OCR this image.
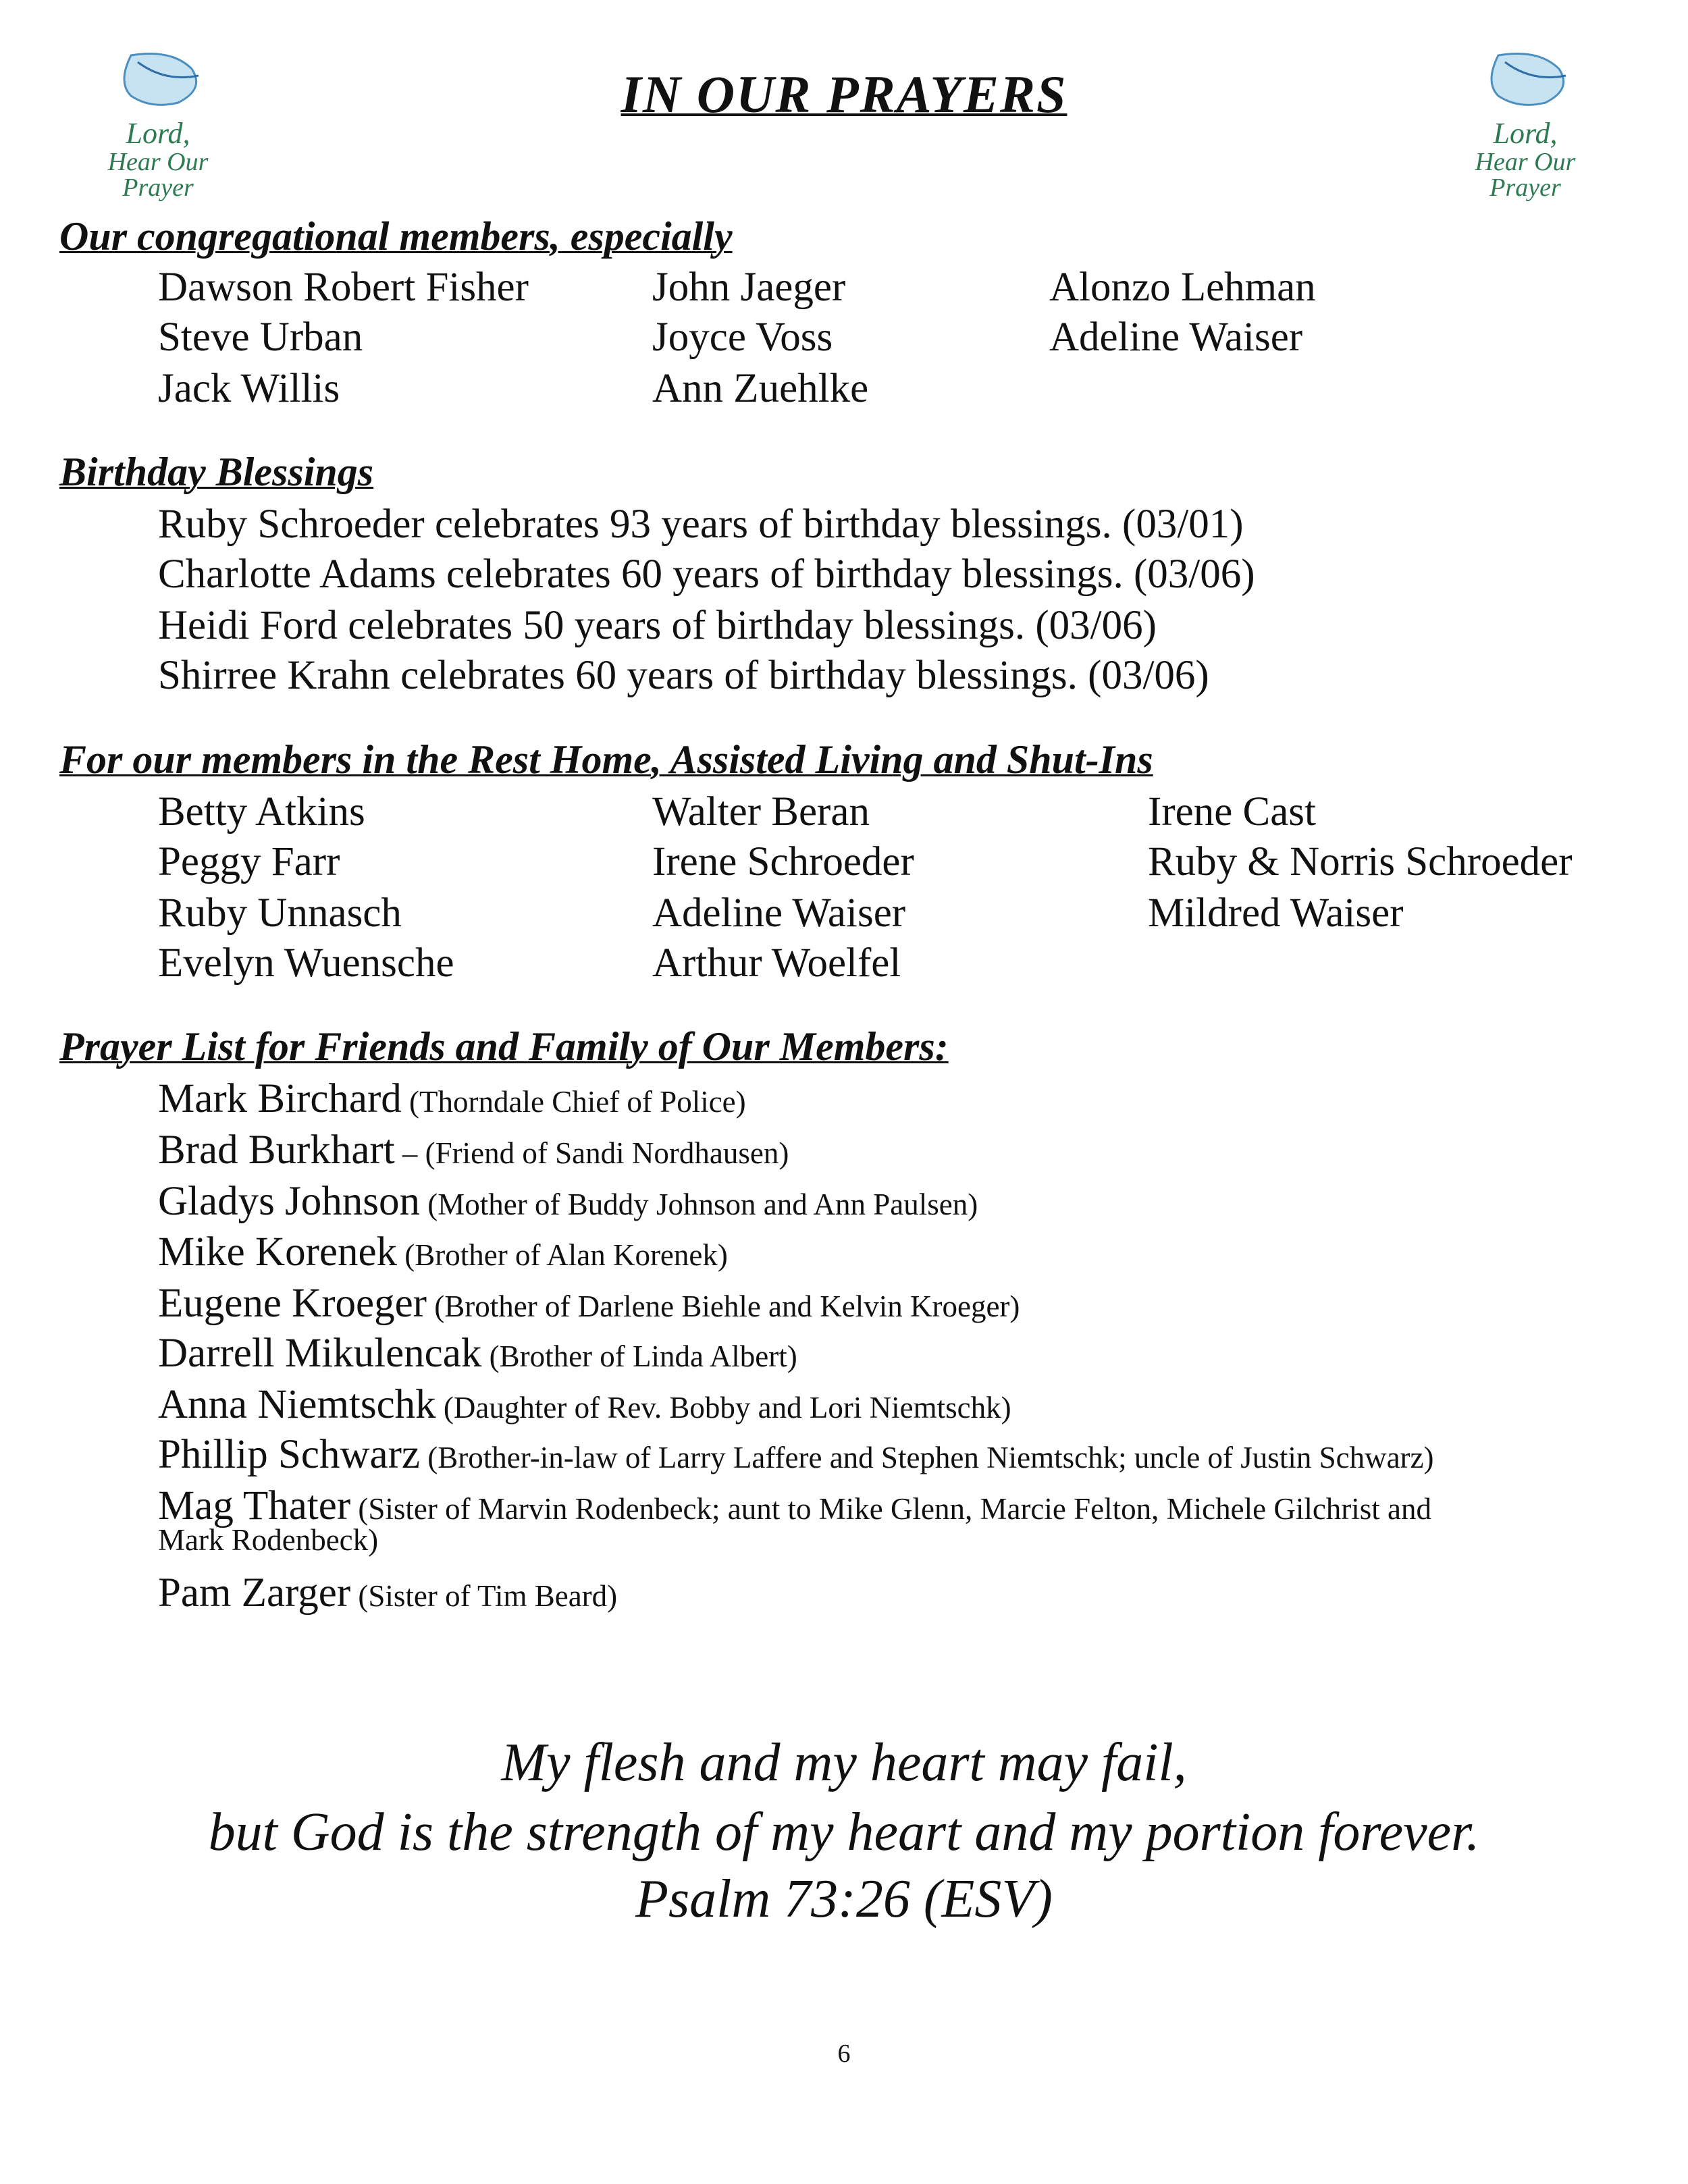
Lord,
Hear Our
Prayer
Lord,
Hear Our
Prayer
IN OUR PRAYERS
Our congregational members, especially
Dawson Robert Fisher	John Jaeger	Alonzo Lehman
Steve Urban	Joyce Voss	Adeline Waiser
Jack Willis	Ann Zuehlke
Birthday Blessings
Ruby Schroeder celebrates 93 years of birthday blessings. (03/01)
Charlotte Adams celebrates 60 years of birthday blessings. (03/06)
Heidi Ford celebrates 50 years of birthday blessings. (03/06)
Shirree Krahn celebrates 60 years of birthday blessings. (03/06)
For our members in the Rest Home, Assisted Living and Shut-Ins
Betty Atkins	Walter Beran	Irene Cast
Peggy Farr	Irene Schroeder	Ruby & Norris Schroeder
Ruby Unnasch	Adeline Waiser	Mildred Waiser
Evelyn Wuensche	Arthur Woelfel
Prayer List for Friends and Family of Our Members:
Mark Birchard (Thorndale Chief of Police)
Brad Burkhart – (Friend of Sandi Nordhausen)
Gladys Johnson (Mother of Buddy Johnson and Ann Paulsen)
Mike Korenek (Brother of Alan Korenek)
Eugene Kroeger (Brother of Darlene Biehle and Kelvin Kroeger)
Darrell Mikulencak (Brother of Linda Albert)
Anna Niemtschk (Daughter of Rev. Bobby and Lori Niemtschk)
Phillip Schwarz (Brother-in-law of Larry Laffere and Stephen Niemtschk; uncle of Justin Schwarz)
Mag Thater (Sister of Marvin Rodenbeck; aunt to Mike Glenn, Marcie Felton, Michele Gilchrist and
Mark Rodenbeck)
Pam Zarger (Sister of Tim Beard)
My flesh and my heart may fail,
but God is the strength of my heart and my portion forever.
Psalm 73:26 (ESV)
6
